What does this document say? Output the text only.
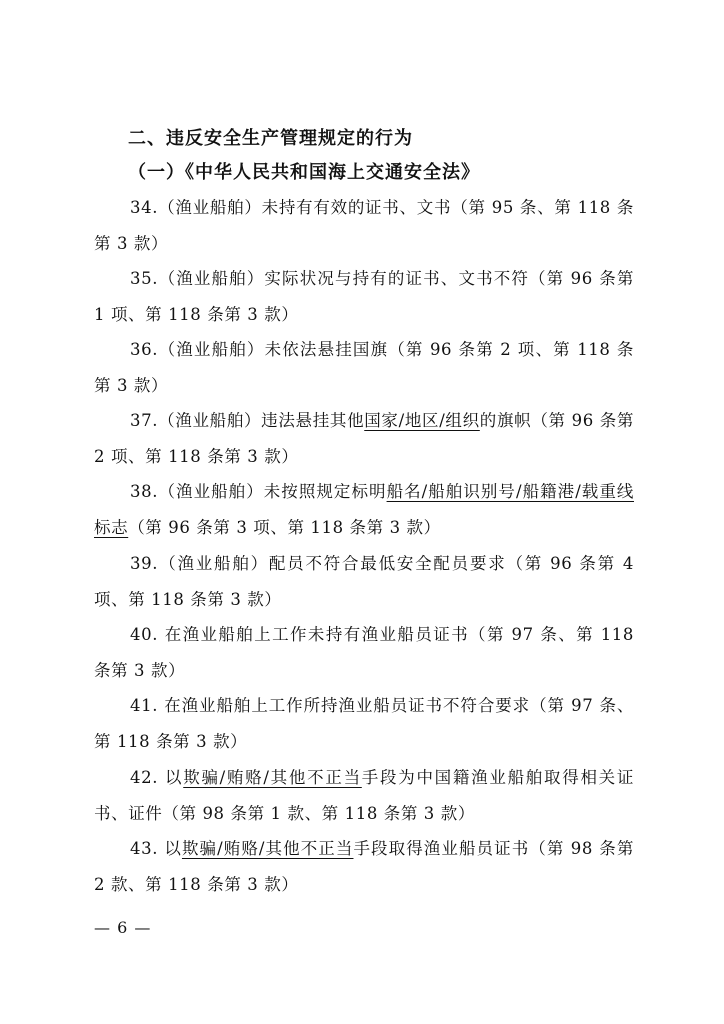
二、违反安全生产管理规定的行为
（一）《中华人民共和国海上交通安全法》
34.（渔业船舶）未持有有效的证书、文书（第 95 条、第 118 条第 3 款）
35.（渔业船舶）实际状况与持有的证书、文书不符（第 96 条第 1 项、第 118 条第 3 款）
36.（渔业船舶）未依法悬挂国旗（第 96 条第 2 项、第 118 条第 3 款）
37.（渔业船舶）违法悬挂其他国家/地区/组织的旗帜（第 96 条第 2 项、第 118 条第 3 款）
38.（渔业船舶）未按照规定标明船名/船舶识别号/船籍港/载重线标志（第 96 条第 3 项、第 118 条第 3 款）
39.（渔业船舶）配员不符合最低安全配员要求（第 96 条第 4 项、第 118 条第 3 款）
40. 在渔业船舶上工作未持有渔业船员证书（第 97 条、第 118 条第 3 款）
41. 在渔业船舶上工作所持渔业船员证书不符合要求（第 97 条、第 118 条第 3 款）
42. 以欺骗/贿赂/其他不正当手段为中国籍渔业船舶取得相关证书、证件（第 98 条第 1 款、第 118 条第 3 款）
43. 以欺骗/贿赂/其他不正当手段取得渔业船员证书（第 98 条第 2 款、第 118 条第 3 款）
— 6 —
